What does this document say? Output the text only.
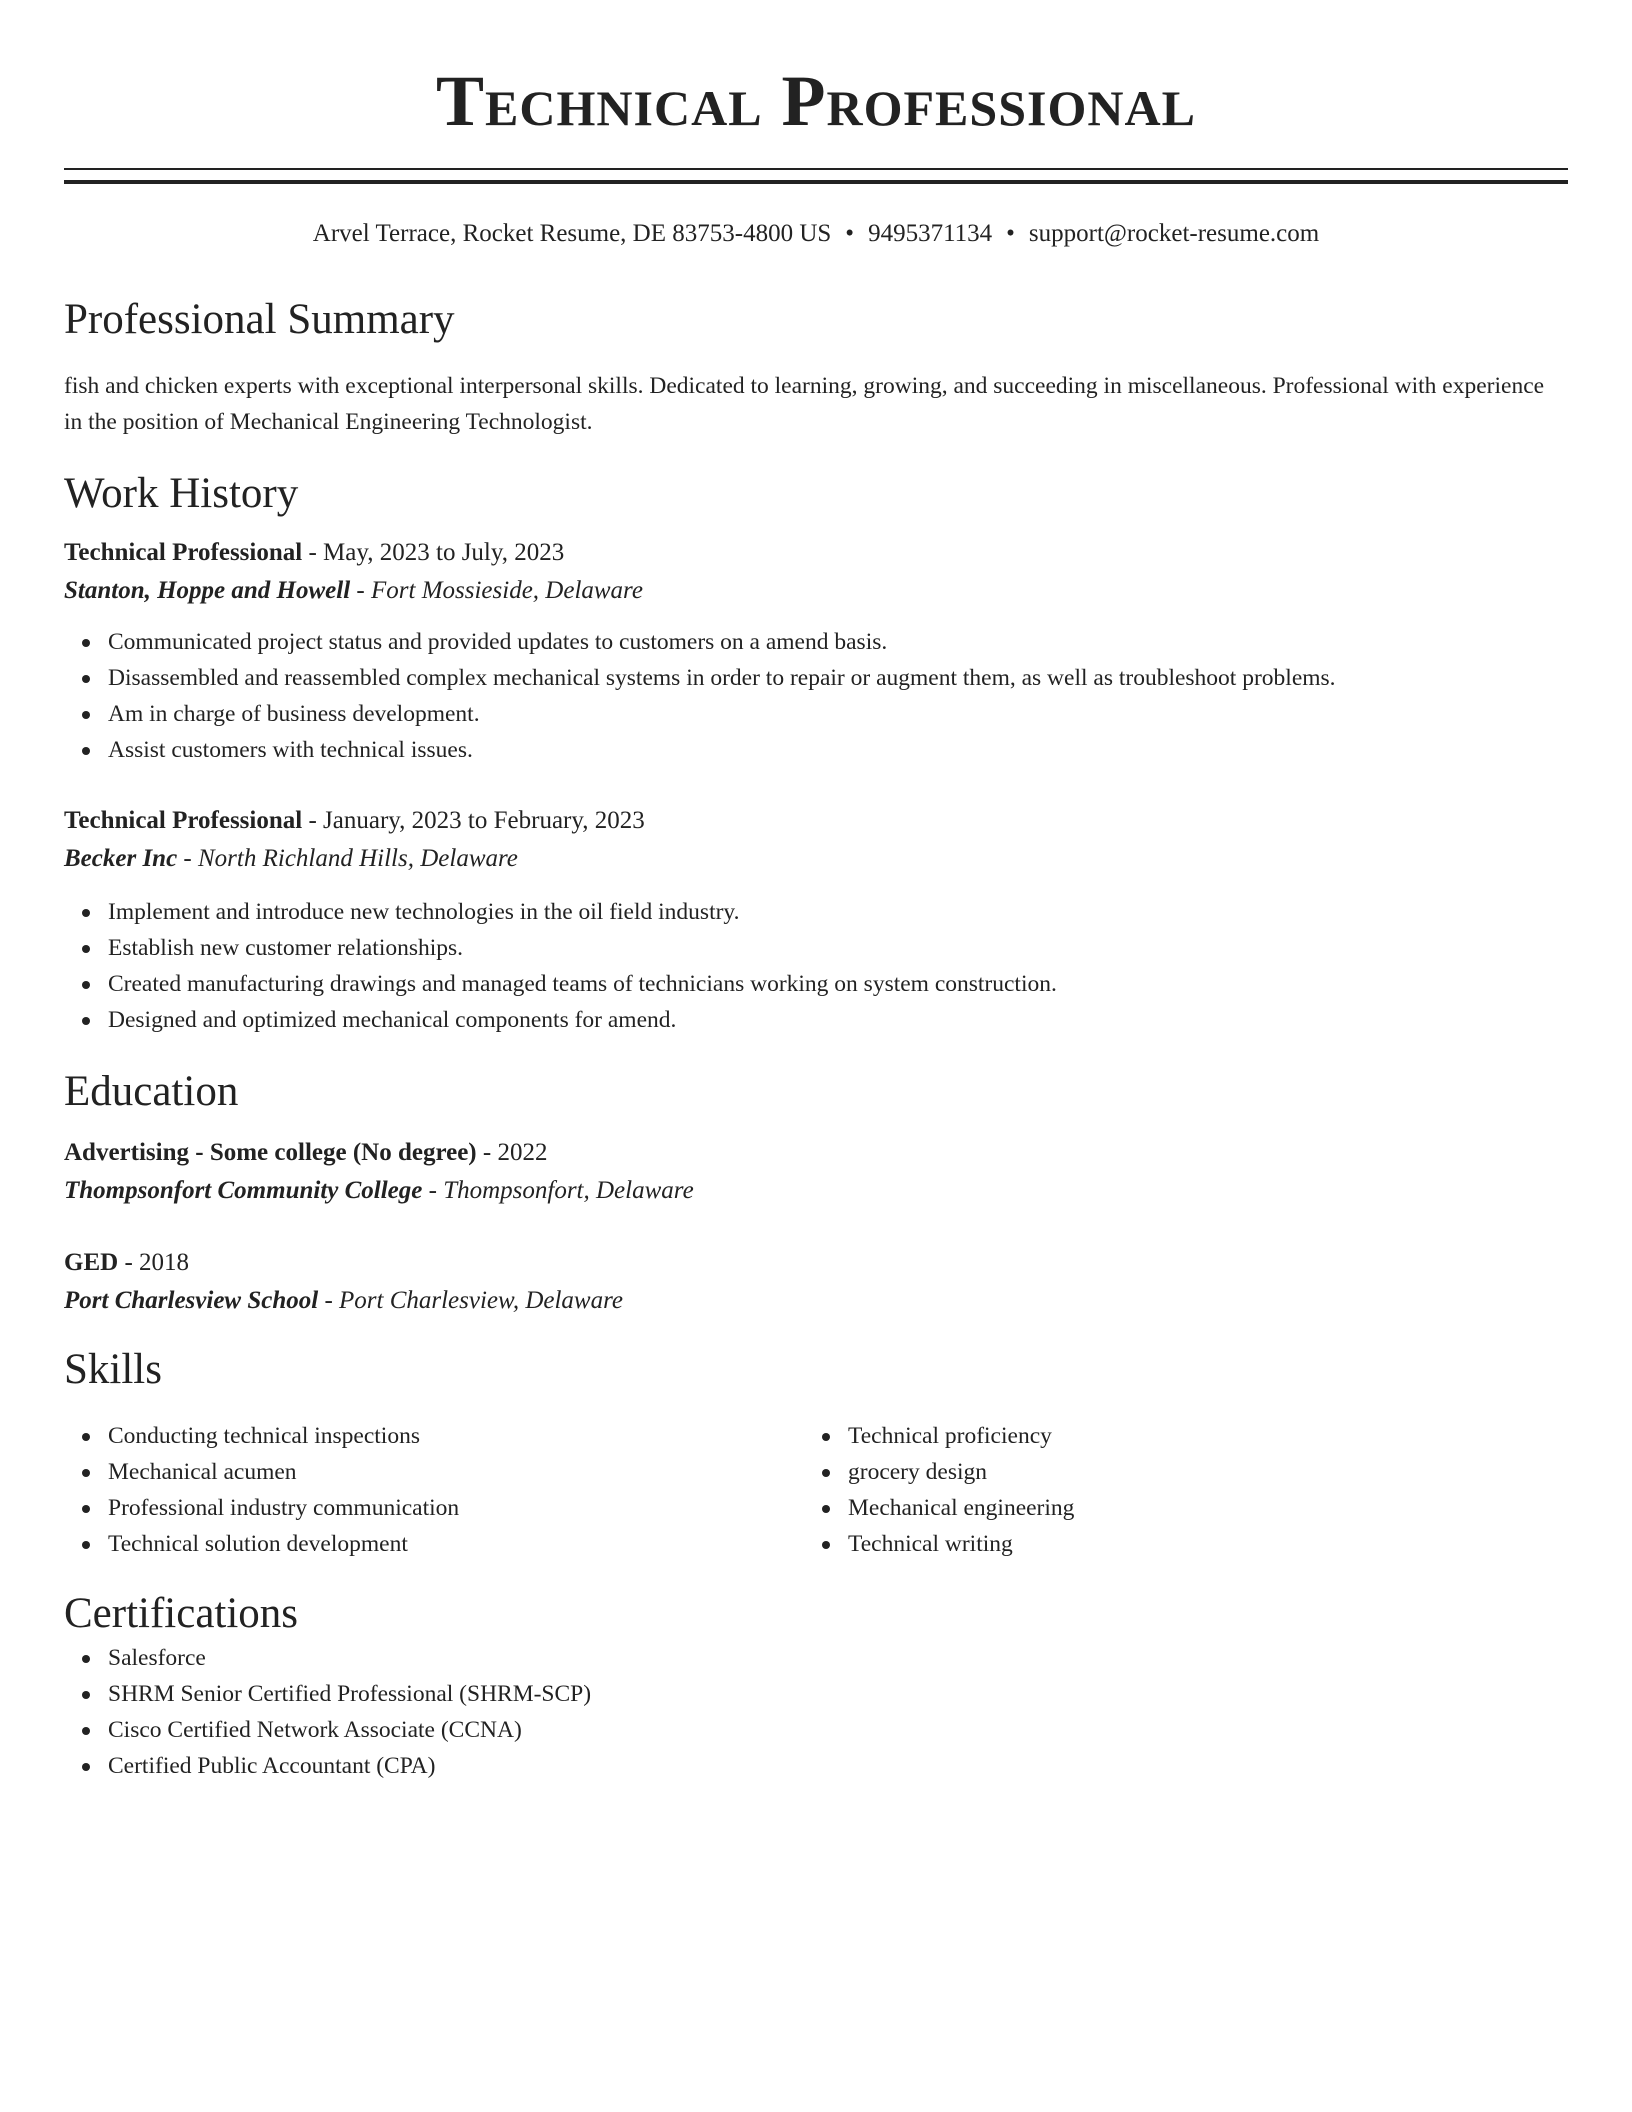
Technical Professional
Arvel Terrace, Rocket Resume, DE 83753-4800 US • 9495371134 • support@rocket-resume.com
Professional Summary
fish and chicken experts with exceptional interpersonal skills. Dedicated to learning, growing, and succeeding in miscellaneous. Professional with experience in the position of Mechanical Engineering Technologist.
Work History
Technical Professional - May, 2023 to July, 2023
Stanton, Hoppe and Howell - Fort Mossieside, Delaware
Communicated project status and provided updates to customers on a amend basis.
Disassembled and reassembled complex mechanical systems in order to repair or augment them, as well as troubleshoot problems.
Am in charge of business development.
Assist customers with technical issues.
Technical Professional - January, 2023 to February, 2023
Becker Inc - North Richland Hills, Delaware
Implement and introduce new technologies in the oil field industry.
Establish new customer relationships.
Created manufacturing drawings and managed teams of technicians working on system construction.
Designed and optimized mechanical components for amend.
Education
Advertising - Some college (No degree) - 2022
Thompsonfort Community College - Thompsonfort, Delaware
GED - 2018
Port Charlesview School - Port Charlesview, Delaware
Skills
Conducting technical inspections
Mechanical acumen
Professional industry communication
Technical solution development
Technical proficiency
grocery design
Mechanical engineering
Technical writing
Certifications
Salesforce
SHRM Senior Certified Professional (SHRM-SCP)
Cisco Certified Network Associate (CCNA)
Certified Public Accountant (CPA)
